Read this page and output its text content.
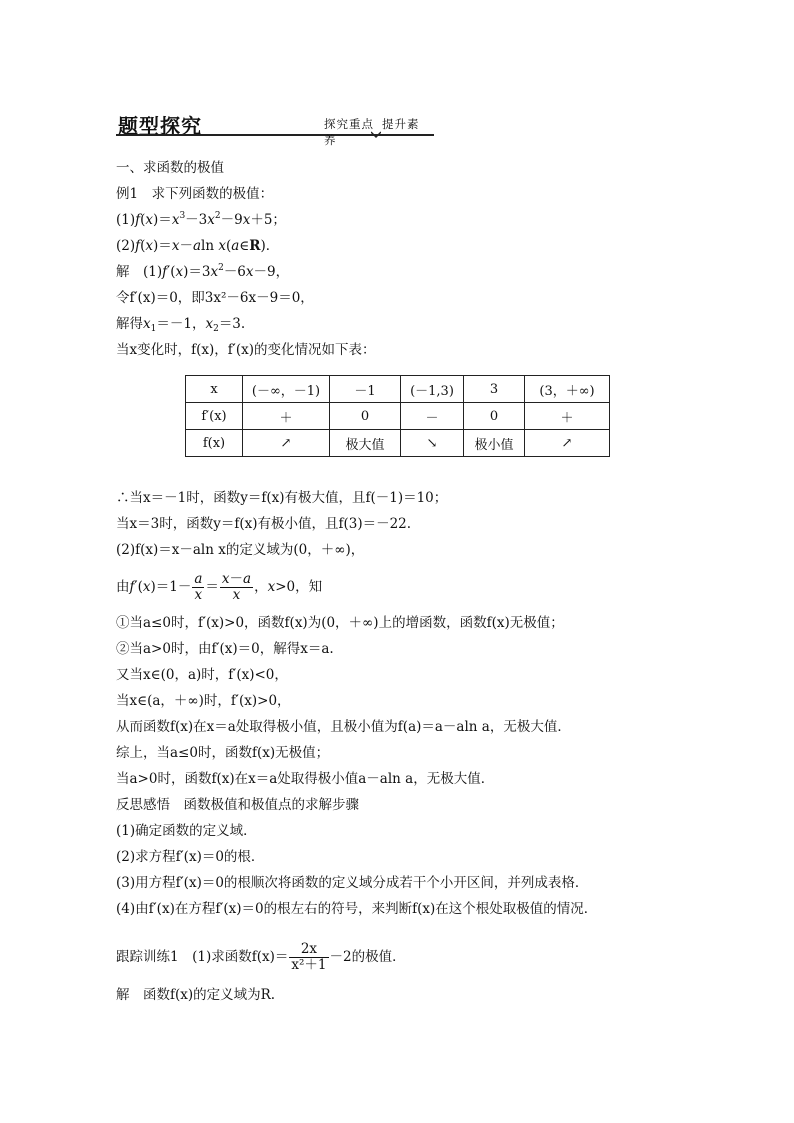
题型探究	探究重点 提升素养
一、求函数的极值
例1　 求下列函数的极值：
$(1)f(x)=x^3-3x^2-9x+5$；
(2)f(x)＝x－aln x(a∈R)．
解　$(1)f'(x)=3x^2-6x-9$，
令f′(x)＝0，即3x²－6x－9＝0，
解得$x_1=-1$，$x_2=3$.
当x变化时，f(x)，f′(x)的变化情况如下表：
x	(－∞，－1)	－1	(－1,3)	3	(3，＋∞)
f′(x)	＋	0	－	0	＋
f(x)	↗	极大值	↘	极小值	↗
∴当x＝－1时，函数y＝f(x)有极大值，且f(－1)＝10；
当x＝3时，函数y＝f(x)有极小值，且f(3)＝－22.
(2)f(x)＝x－aln x的定义域为(0，＋∞)，
由$f'(x)=1- \frac{a}{x} = \frac{x-a}{x}$ ，x>0，知
①当a≤0时，f′(x)>0，函数f(x)为(0，＋∞)上的增函数，函数f(x)无极值；
②当a>0时，由f′(x)＝0，解得x＝a.
又当x∈(0，a)时，f′(x)<0，
当x∈(a，＋∞)时，f′(x)>0，
从而函数f(x)在x＝a处取得极小值，且极小值为f(a)＝a－aln a，无极大值．
综上，当a≤0时，函数f(x)无极值；
当a>0时，函数f(x)在x＝a处取得极小值a－aln a，无极大值．
反思感悟　 函数极值和极值点的求解步骤
(1)确定函数的定义域．
(2)求方程f′(x)＝0的根．
(3)用方程f′(x)＝0的根顺次将函数的定义域分成若干个小开区间，并列成表格．
(4)由f′(x)在方程f′(x)＝0的根左右的符号，来判断f(x)在这个根处取极值的情况．
跟踪训练1　 (1)求函数$f(x)= \frac{2x}{\text{x²＋1}} -2$的极值．
解　 函数f(x)的定义域为R.
